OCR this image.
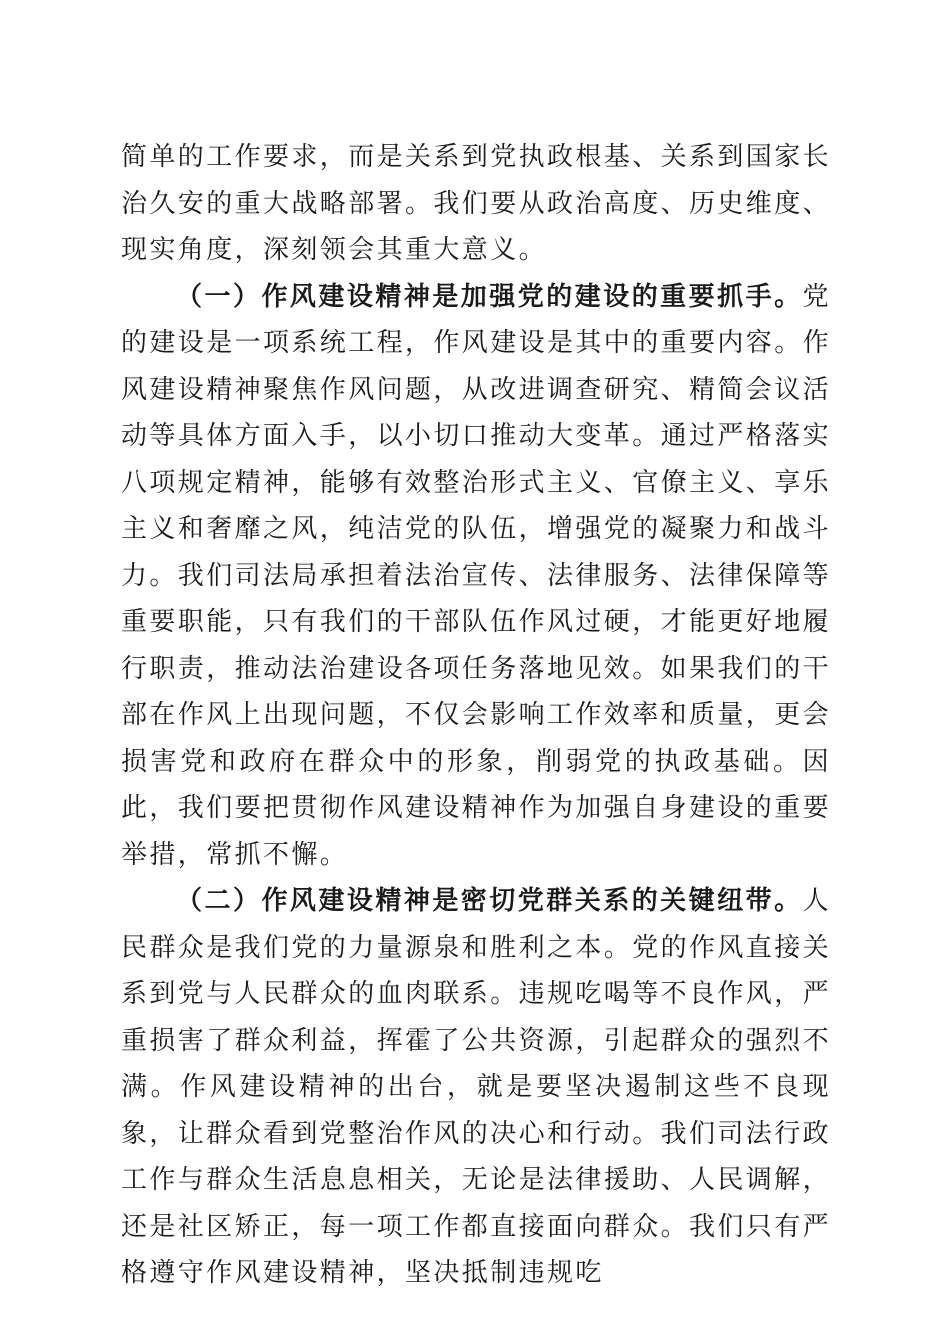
简单的工作要求，而是关系到党执政根基、关系到国家长治久安的重大战略部署。我们要从政治高度、历史维度、现实角度，深刻领会其重大意义。

（一）作风建设精神是加强党的建设的重要抓手。党的建设是一项系统工程，作风建设是其中的重要内容。作风建设精神聚焦作风问题，从改进调查研究、精简会议活动等具体方面入手，以小切口推动大变革。通过严格落实八项规定精神，能够有效整治形式主义、官僚主义、享乐主义和奢靡之风，纯洁党的队伍，增强党的凝聚力和战斗力。我们司法局承担着法治宣传、法律服务、法律保障等重要职能，只有我们的干部队伍作风过硬，才能更好地履行职责，推动法治建设各项任务落地见效。如果我们的干部在作风上出现问题，不仅会影响工作效率和质量，更会损害党和政府在群众中的形象，削弱党的执政基础。因此，我们要把贯彻作风建设精神作为加强自身建设的重要举措，常抓不懈。

（二）作风建设精神是密切党群关系的关键纽带。人民群众是我们党的力量源泉和胜利之本。党的作风直接关系到党与人民群众的血肉联系。违规吃喝等不良作风，严重损害了群众利益，挥霍了公共资源，引起群众的强烈不满。作风建设精神的出台，就是要坚决遏制这些不良现象，让群众看到党整治作风的决心和行动。我们司法行政工作与群众生活息息相关，无论是法律援助、人民调解，还是社区矫正，每一项工作都直接面向群众。我们只有严格遵守作风建设精神，坚决抵制违规吃
